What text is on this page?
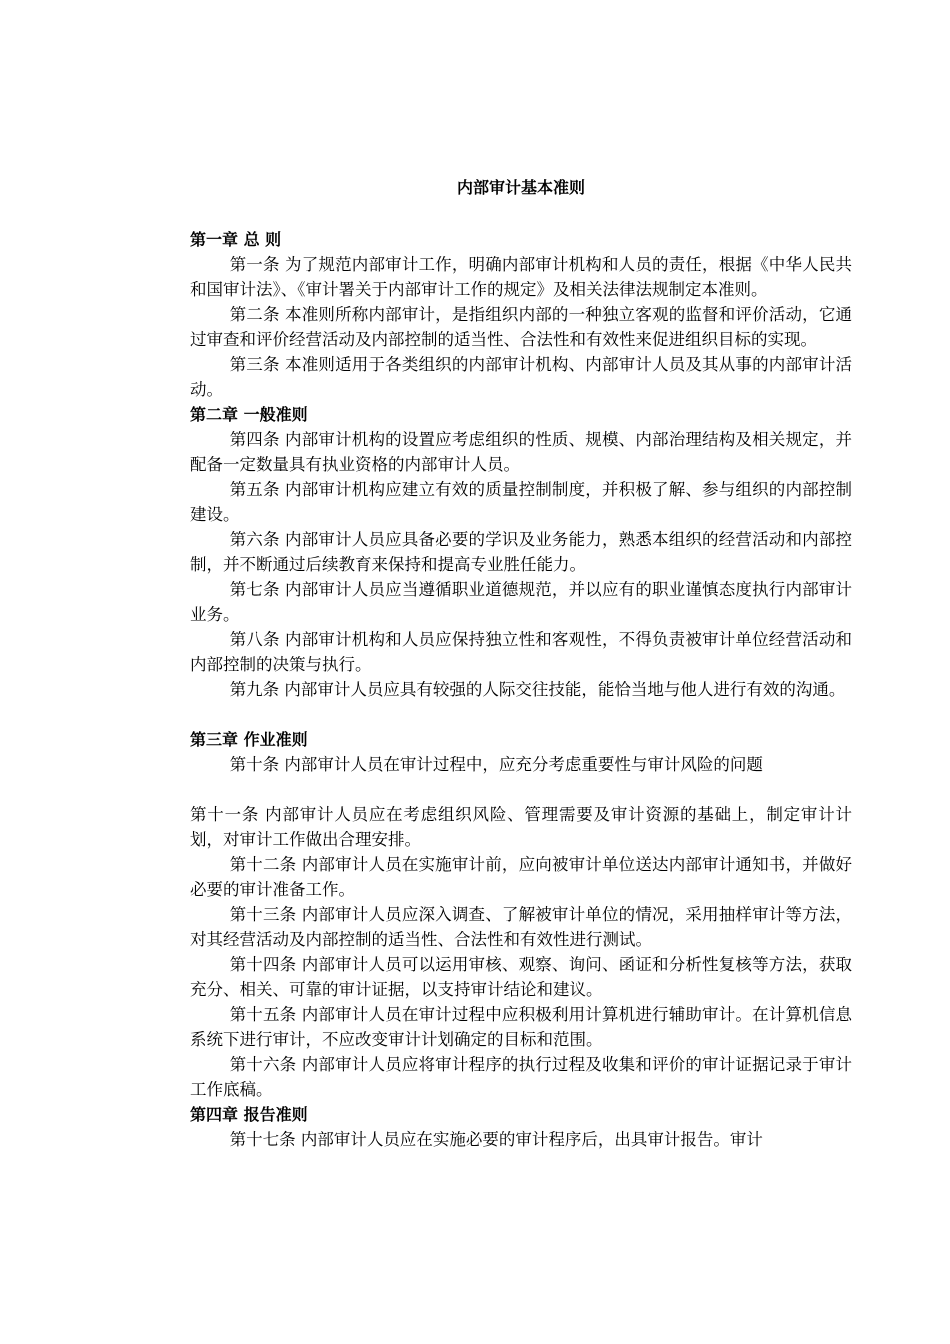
内部审计基本准则
第一章 总 则

第一条 为了规范内部审计工作，明确内部审计机构和人员的责任，根据《中华人民共和国审计法》、《审计署关于内部审计工作的规定》及相关法律法规制定本准则。

第二条 本准则所称内部审计，是指组织内部的一种独立客观的监督和评价活动，它通过审查和评价经营活动及内部控制的适当性、合法性和有效性来促进组织目标的实现。

第三条 本准则适用于各类组织的内部审计机构、内部审计人员及其从事的内部审计活动。

第二章 一般准则

第四条 内部审计机构的设置应考虑组织的性质、规模、内部治理结构及相关规定，并配备一定数量具有执业资格的内部审计人员。

第五条 内部审计机构应建立有效的质量控制制度，并积极了解、参与组织的内部控制建设。

第六条 内部审计人员应具备必要的学识及业务能力，熟悉本组织的经营活动和内部控制，并不断通过后续教育来保持和提高专业胜任能力。

第七条 内部审计人员应当遵循职业道德规范，并以应有的职业谨慎态度执行内部审计业务。

第八条 内部审计机构和人员应保持独立性和客观性，不得负责被审计单位经营活动和内部控制的决策与执行。

第九条 内部审计人员应具有较强的人际交往技能，能恰当地与他人进行有效的沟通。

第三章 作业准则

第十条 内部审计人员在审计过程中，应充分考虑重要性与审计风险的问题

第十一条 内部审计人员应在考虑组织风险、管理需要及审计资源的基础上，制定审计计划，对审计工作做出合理安排。

第十二条 内部审计人员在实施审计前，应向被审计单位送达内部审计通知书，并做好必要的审计准备工作。

第十三条 内部审计人员应深入调查、了解被审计单位的情况，采用抽样审计等方法，对其经营活动及内部控制的适当性、合法性和有效性进行测试。

第十四条 内部审计人员可以运用审核、观察、询问、函证和分析性复核等方法，获取充分、相关、可靠的审计证据，以支持审计结论和建议。

第十五条 内部审计人员在审计过程中应积极利用计算机进行辅助审计。在计算机信息系统下进行审计，不应改变审计计划确定的目标和范围。

第十六条 内部审计人员应将审计程序的执行过程及收集和评价的审计证据记录于审计工作底稿。

第四章 报告准则

第十七条 内部审计人员应在实施必要的审计程序后，出具审计报告。审计
